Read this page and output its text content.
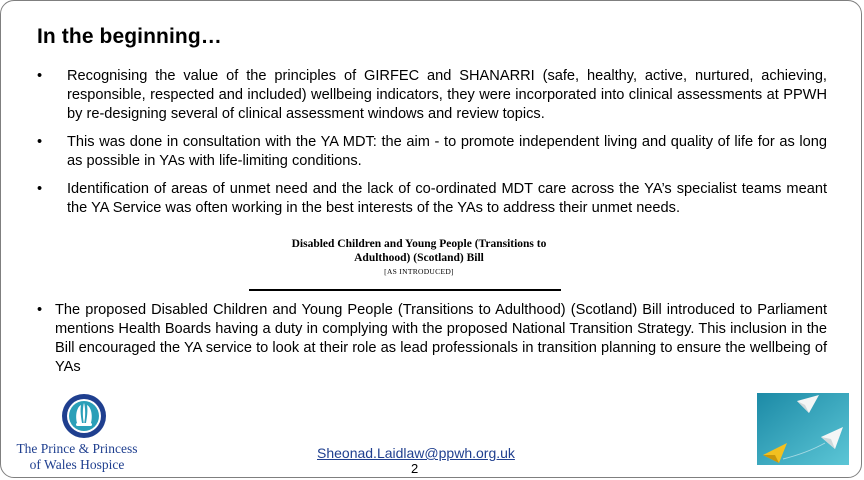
In the beginning…
• Recognising the value of the principles of GIRFEC and SHANARRI (safe, healthy, active, nurtured, achieving, responsible, respected and included) wellbeing indicators, they were incorporated into clinical assessments at PPWH by re-designing several of clinical assessment windows and review topics.
• This was done in consultation with the YA MDT: the aim - to promote independent living and quality of life for as long as possible in YAs with life-limiting conditions.
• Identification of areas of unmet need and the lack of co-ordinated MDT care across the YA’s specialist teams meant the YA Service was often working in the best interests of the YAs to address their unmet needs.
• The proposed Disabled Children and Young People (Transitions to Adulthood) (Scotland) Bill introduced to Parliament mentions Health Boards having a duty in complying with the proposed National Transition Strategy. This inclusion in the Bill encouraged the YA service to look at their role as lead professionals in transition planning to ensure the wellbeing of YAs
Disabled Children and Young People (Transitions to
Adulthood) (Scotland) Bill
[AS INTRODUCED]
The Prince & Princess
of Wales Hospice
Sheonad.Laidlaw@ppwh.org.uk
2
